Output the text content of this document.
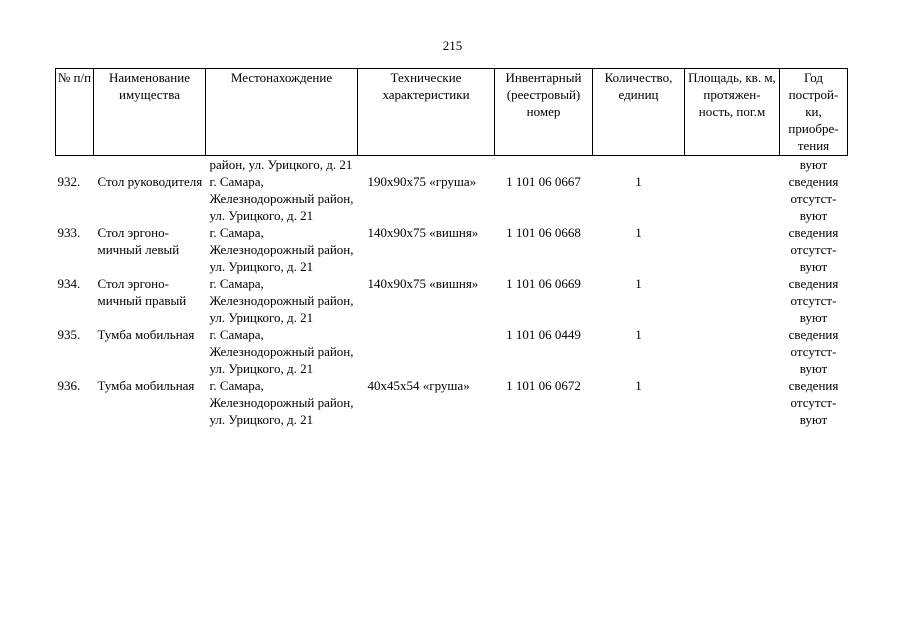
215
№ п/п	Наименование имущества	Местонахождение	Технические характеристики	Инвентарный (реестровый) номер	Количество, единиц	Площадь, кв. м, протяжен- ность, пог.м	Год построй- ки, приобре- тения
		район, ул. Урицкого, д. 21					вуют
932.	Стол руководителя	г. Самара, Железнодорожный район, ул. Урицкого, д. 21	190x90x75 «груша»	1 101 06 0667	1		сведения отсутст- вуют
933.	Стол эргоно- мичный левый	г. Самара, Железнодорожный район, ул. Урицкого, д. 21	140x90x75 «вишня»	1 101 06 0668	1		сведения отсутст- вуют
934.	Стол эргоно- мичный правый	г. Самара, Железнодорожный район, ул. Урицкого, д. 21	140x90x75 «вишня»	1 101 06 0669	1		сведения отсутст- вуют
935.	Тумба мобильная	г. Самара, Железнодорожный район, ул. Урицкого, д. 21		1 101 06 0449	1		сведения отсутст- вуют
936.	Тумба мобильная	г. Самара, Железнодорожный район, ул. Урицкого, д. 21	40x45x54 «груша»	1 101 06 0672	1		сведения отсутст- вуют
